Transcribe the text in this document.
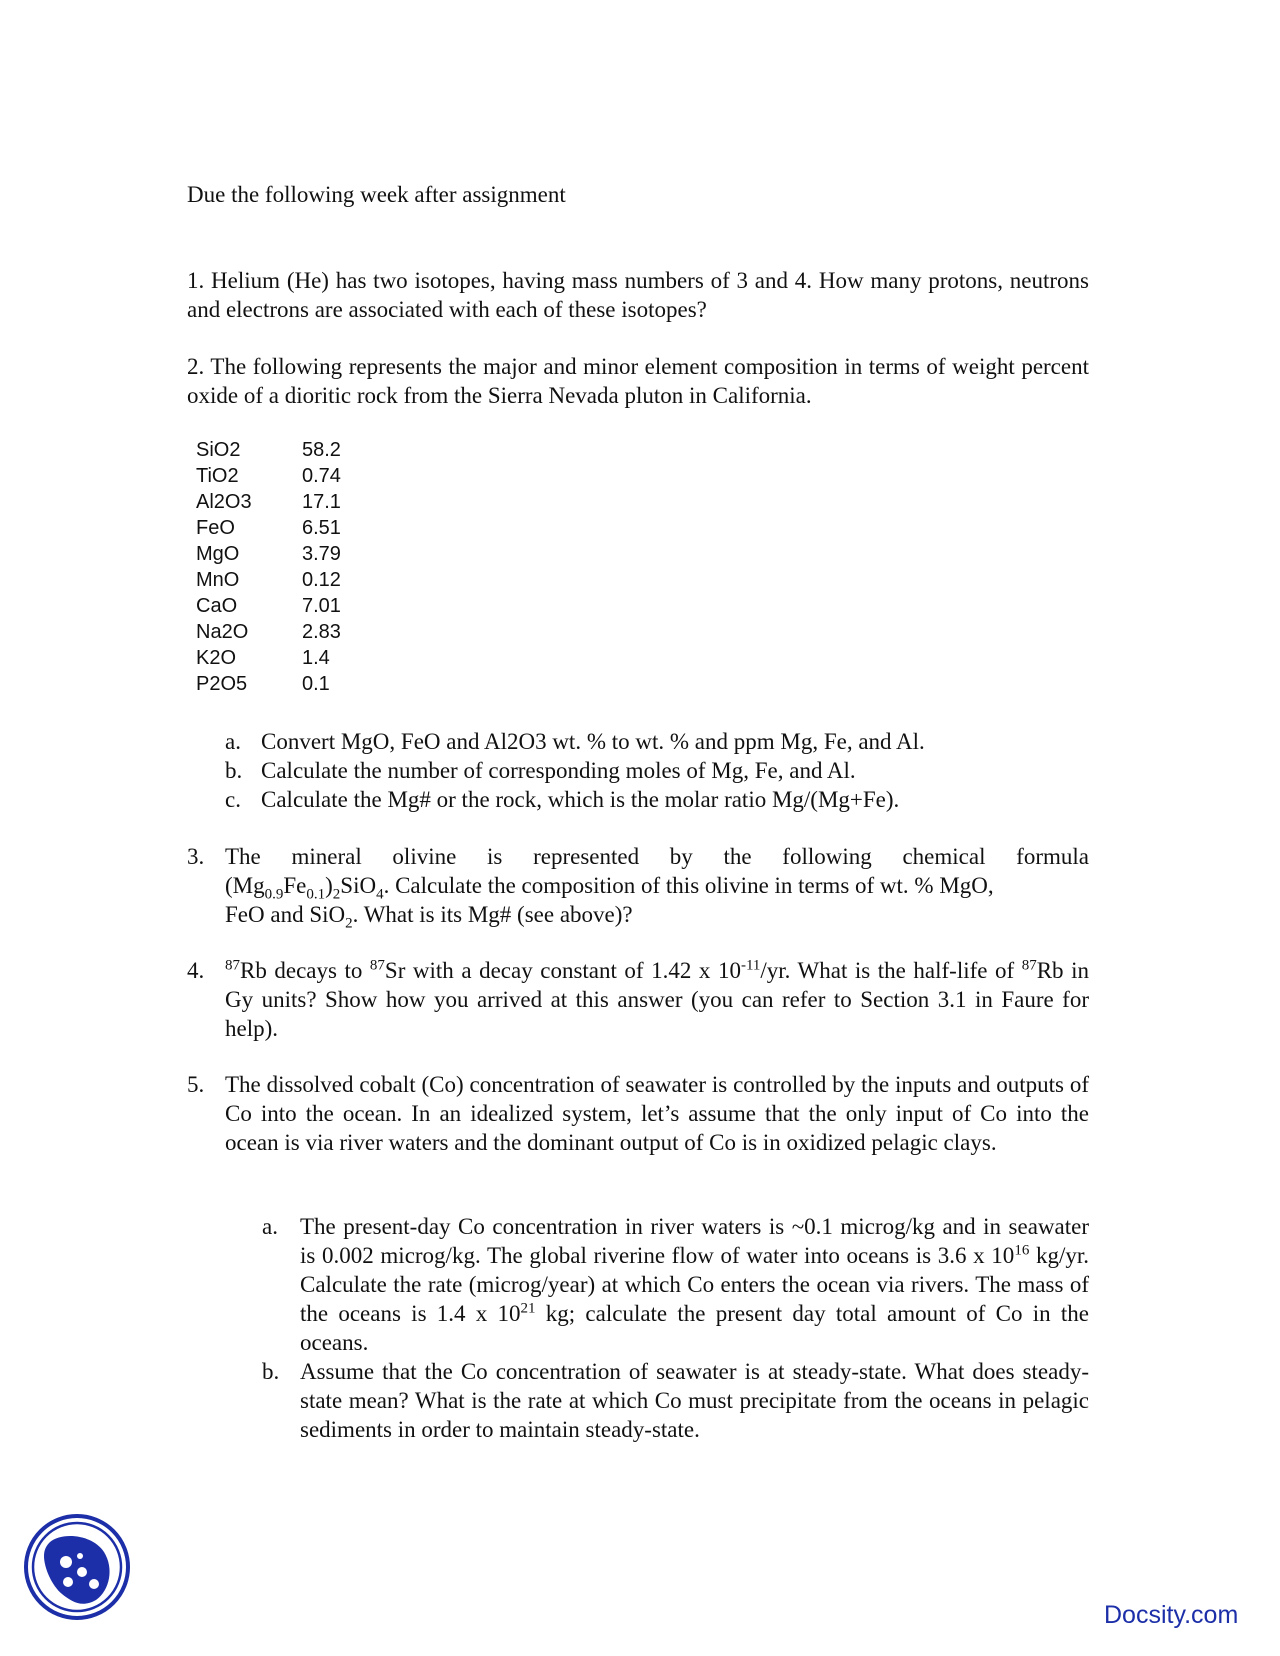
Due the following week after assignment
1. Helium (He) has two isotopes, having mass numbers of 3 and 4. How many protons, neutrons and electrons are associated with each of these isotopes?
2. The following represents the major and minor element composition in terms of weight percent oxide of a dioritic rock from the Sierra Nevada pluton in California.
SiO2	58.2
TiO2	0.74
Al2O3	17.1
FeO	6.51
MgO	3.79
MnO	0.12
CaO	7.01
Na2O	2.83
K2O	1.4
P2O5	0.1
a. Convert MgO, FeO and Al2O3 wt. % to wt. % and ppm Mg, Fe, and Al.
b. Calculate the number of corresponding moles of Mg, Fe, and Al.
c. Calculate the Mg# or the rock, which is the molar ratio Mg/(Mg+Fe).
3. The mineral olivine is represented by the following chemical formula
$(Mg_{0.9}Fe_{0.1})_2SiO_4$. Calculate the composition of this olivine in terms of wt. % MgO,
FeO and SiO$_2$. What is its Mg# (see above)?
4.	$^{87}$Rb decays to $^{87}$Sr with a decay constant of 1.42 x $10^{-11}/yr$. What is the half-life of $^{87}$Rb in Gy units? Show how you arrived at this answer (you can refer to Section 3.1 in Faure for help).
5. The dissolved cobalt (Co) concentration of seawater is controlled by the inputs and outputs of Co into the ocean. In an idealized system, let’s assume that the only input of Co into the ocean is via river waters and the dominant output of Co is in oxidized pelagic clays.
a. The present-day Co concentration in river waters is ~0.1 microg/kg and in seawater is 0.002 microg/kg. The global riverine flow of water into oceans is 3.6 x $10^{16}$ kg/yr. Calculate the rate (microg/year) at which Co enters the ocean via rivers. The mass of the oceans is 1.4 x $10^{21}$ kg; calculate the present day total amount of Co in the oceans.
b. Assume that the Co concentration of seawater is at steady-state. What does steady-state mean? What is the rate at which Co must precipitate from the oceans in pelagic sediments in order to maintain steady-state.
Docsity.com
